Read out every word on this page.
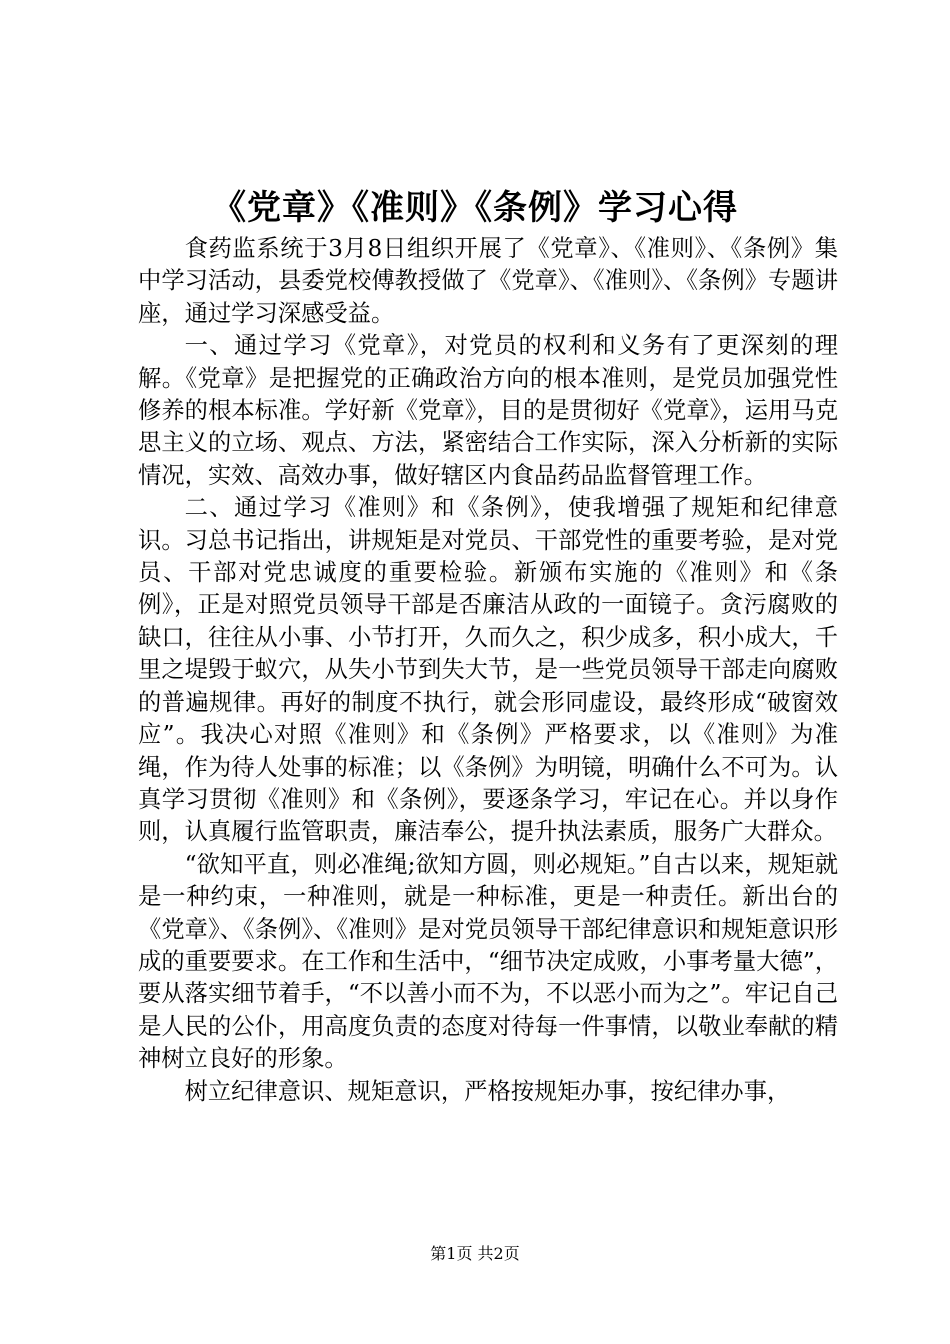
《党章》《准则》《条例》学习心得

食药监系统于3月8日组织开展了《党章》、《准则》、《条例》集中学习活动，县委党校傅教授做了《党章》、《准则》、《条例》专题讲座，通过学习深感受益。

一、通过学习《党章》，对党员的权利和义务有了更深刻的理解。《党章》是把握党的正确政治方向的根本准则，是党员加强党性修养的根本标准。学好新《党章》，目的是贯彻好《党章》，运用马克思主义的立场、观点、方法，紧密结合工作实际，深入分析新的实际情况，实效、高效办事，做好辖区内食品药品监督管理工作。

二、通过学习《准则》和《条例》，使我增强了规矩和纪律意识。习总书记指出，讲规矩是对党员、干部党性的重要考验，是对党员、干部对党忠诚度的重要检验。新颁布实施的《准则》和《条例》，正是对照党员领导干部是否廉洁从政的一面镜子。贪污腐败的缺口，往往从小事、小节打开，久而久之，积少成多，积小成大，千里之堤毁于蚁穴，从失小节到失大节，是一些党员领导干部走向腐败的普遍规律。再好的制度不执行，就会形同虚设，最终形成“破窗效应”。我决心对照《准则》和《条例》严格要求，以《准则》为准绳，作为待人处事的标准；以《条例》为明镜，明确什么不可为。认真学习贯彻《准则》和《条例》，要逐条学习，牢记在心。并以身作则，认真履行监管职责，廉洁奉公，提升执法素质，服务广大群众。

“欲知平直，则必准绳;欲知方圆，则必规矩。”自古以来，规矩就是一种约束，一种准则，就是一种标准，更是一种责任。新出台的《党章》、《条例》、《准则》是对党员领导干部纪律意识和规矩意识形成的重要要求。在工作和生活中，“细节决定成败，小事考量大德”，要从落实细节着手，“不以善小而不为，不以恶小而为之”。牢记自己是人民的公仆，用高度负责的态度对待每一件事情，以敬业奉献的精神树立良好的形象。

树立纪律意识、规矩意识，严格按规矩办事，按纪律办事，

第1页 共2页
